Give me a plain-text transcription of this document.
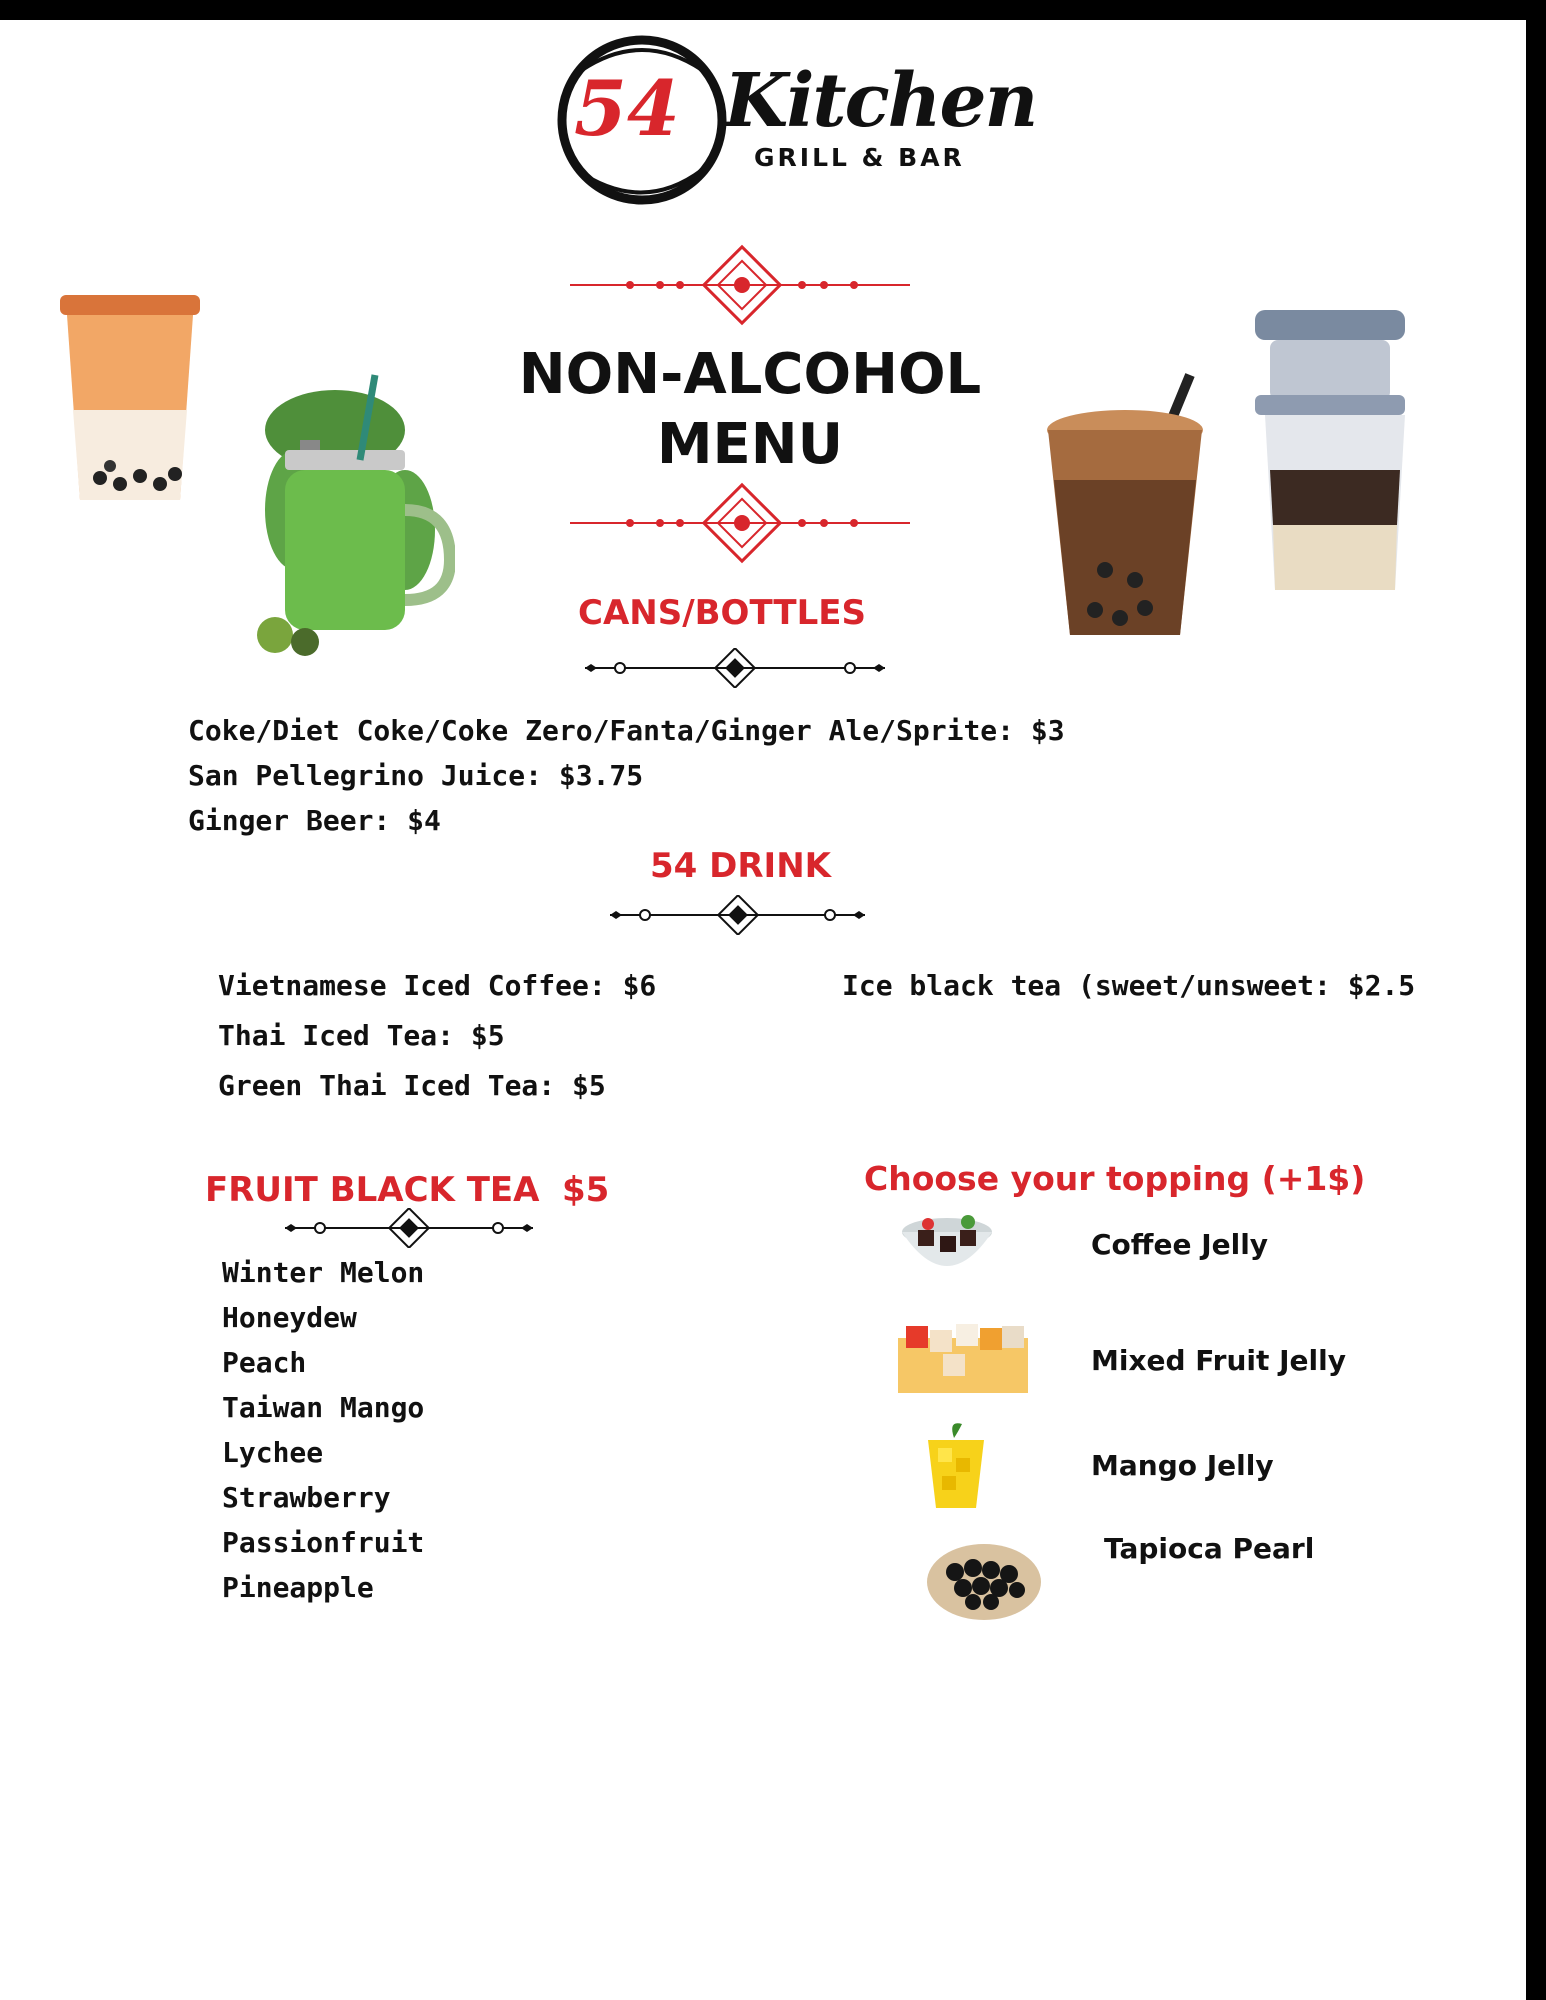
54 Kitchen
GRILL & BAR
NON-ALCOHOL
MENU
CANS/BOTTLES
Coke/Diet Coke/Coke Zero/Fanta/Ginger Ale/Sprite: $3
San Pellegrino Juice: $3.75
Ginger Beer: $4
54 DRINK
Vietnamese Iced Coffee: $6
Thai Iced Tea: $5
Green Thai Iced Tea: $5
Ice black tea (sweet/unsweet: $2.5
FRUIT BLACK TEA $5
Winter Melon
Honeydew
Peach
Taiwan Mango
Lychee
Strawberry
Passionfruit
Pineapple
Choose your topping (+1$)
Coffee Jelly
Mixed Fruit Jelly
Mango Jelly
Tapioca Pearl
